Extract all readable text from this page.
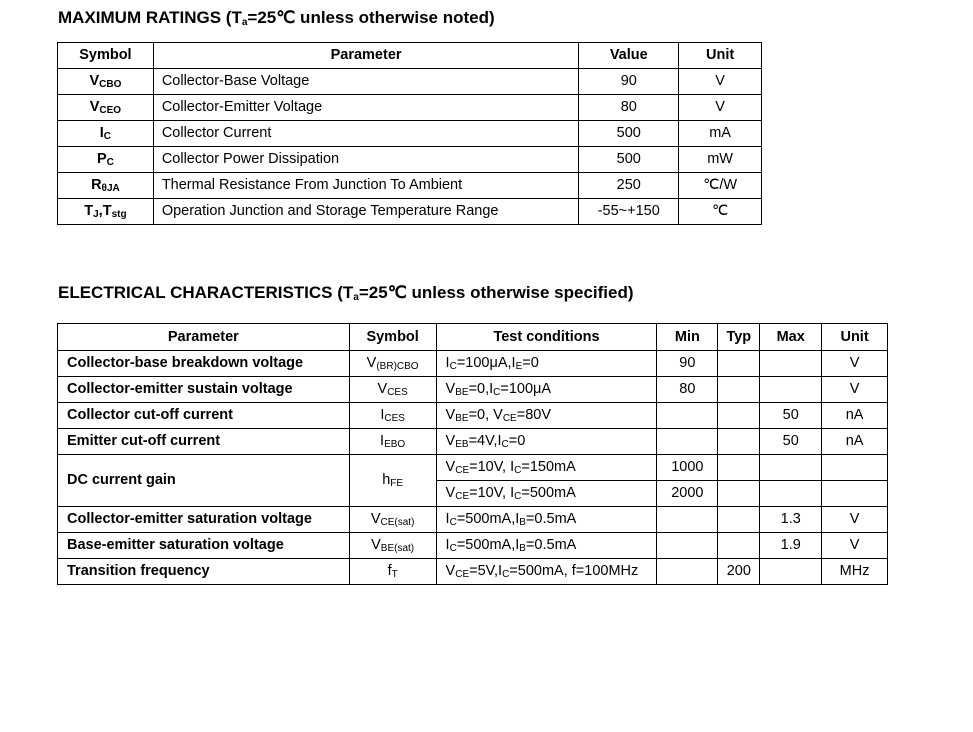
MAXIMUM RATINGS (Ta=25℃ unless otherwise noted)
Symbol	Parameter	Value	Unit
VCBO	Collector-Base Voltage	90	V
VCEO	Collector-Emitter Voltage	80	V
IC	Collector Current	500	mA
PC	Collector Power Dissipation	500	mW
RθJA	Thermal Resistance From Junction To Ambient	250	℃/W
TJ,Tstg	Operation Junction and Storage Temperature Range	-55~+150	℃
ELECTRICAL CHARACTERISTICS (Ta=25℃ unless otherwise specified)
Parameter	Symbol	Test conditions	Min	Typ	Max	Unit
Collector-base breakdown voltage	V(BR)CBO	IC=100μA,IE=0	90			V
Collector-emitter sustain voltage	VCES	VBE=0,IC=100μA	80			V
Collector cut-off current	ICES	VBE=0, VCE=80V			50	nA
Emitter cut-off current	IEBO	VEB=4V,IC=0			50	nA
DC current gain	hFE	VCE=10V, IC=150mA	1000			
		VCE=10V, IC=500mA	2000			
Collector-emitter saturation voltage	VCE(sat)	IC=500mA,IB=0.5mA			1.3	V
Base-emitter saturation voltage	VBE(sat)	IC=500mA,IB=0.5mA			1.9	V
Transition frequency	fT	VCE=5V,IC=500mA, f=100MHz		200		MHz
